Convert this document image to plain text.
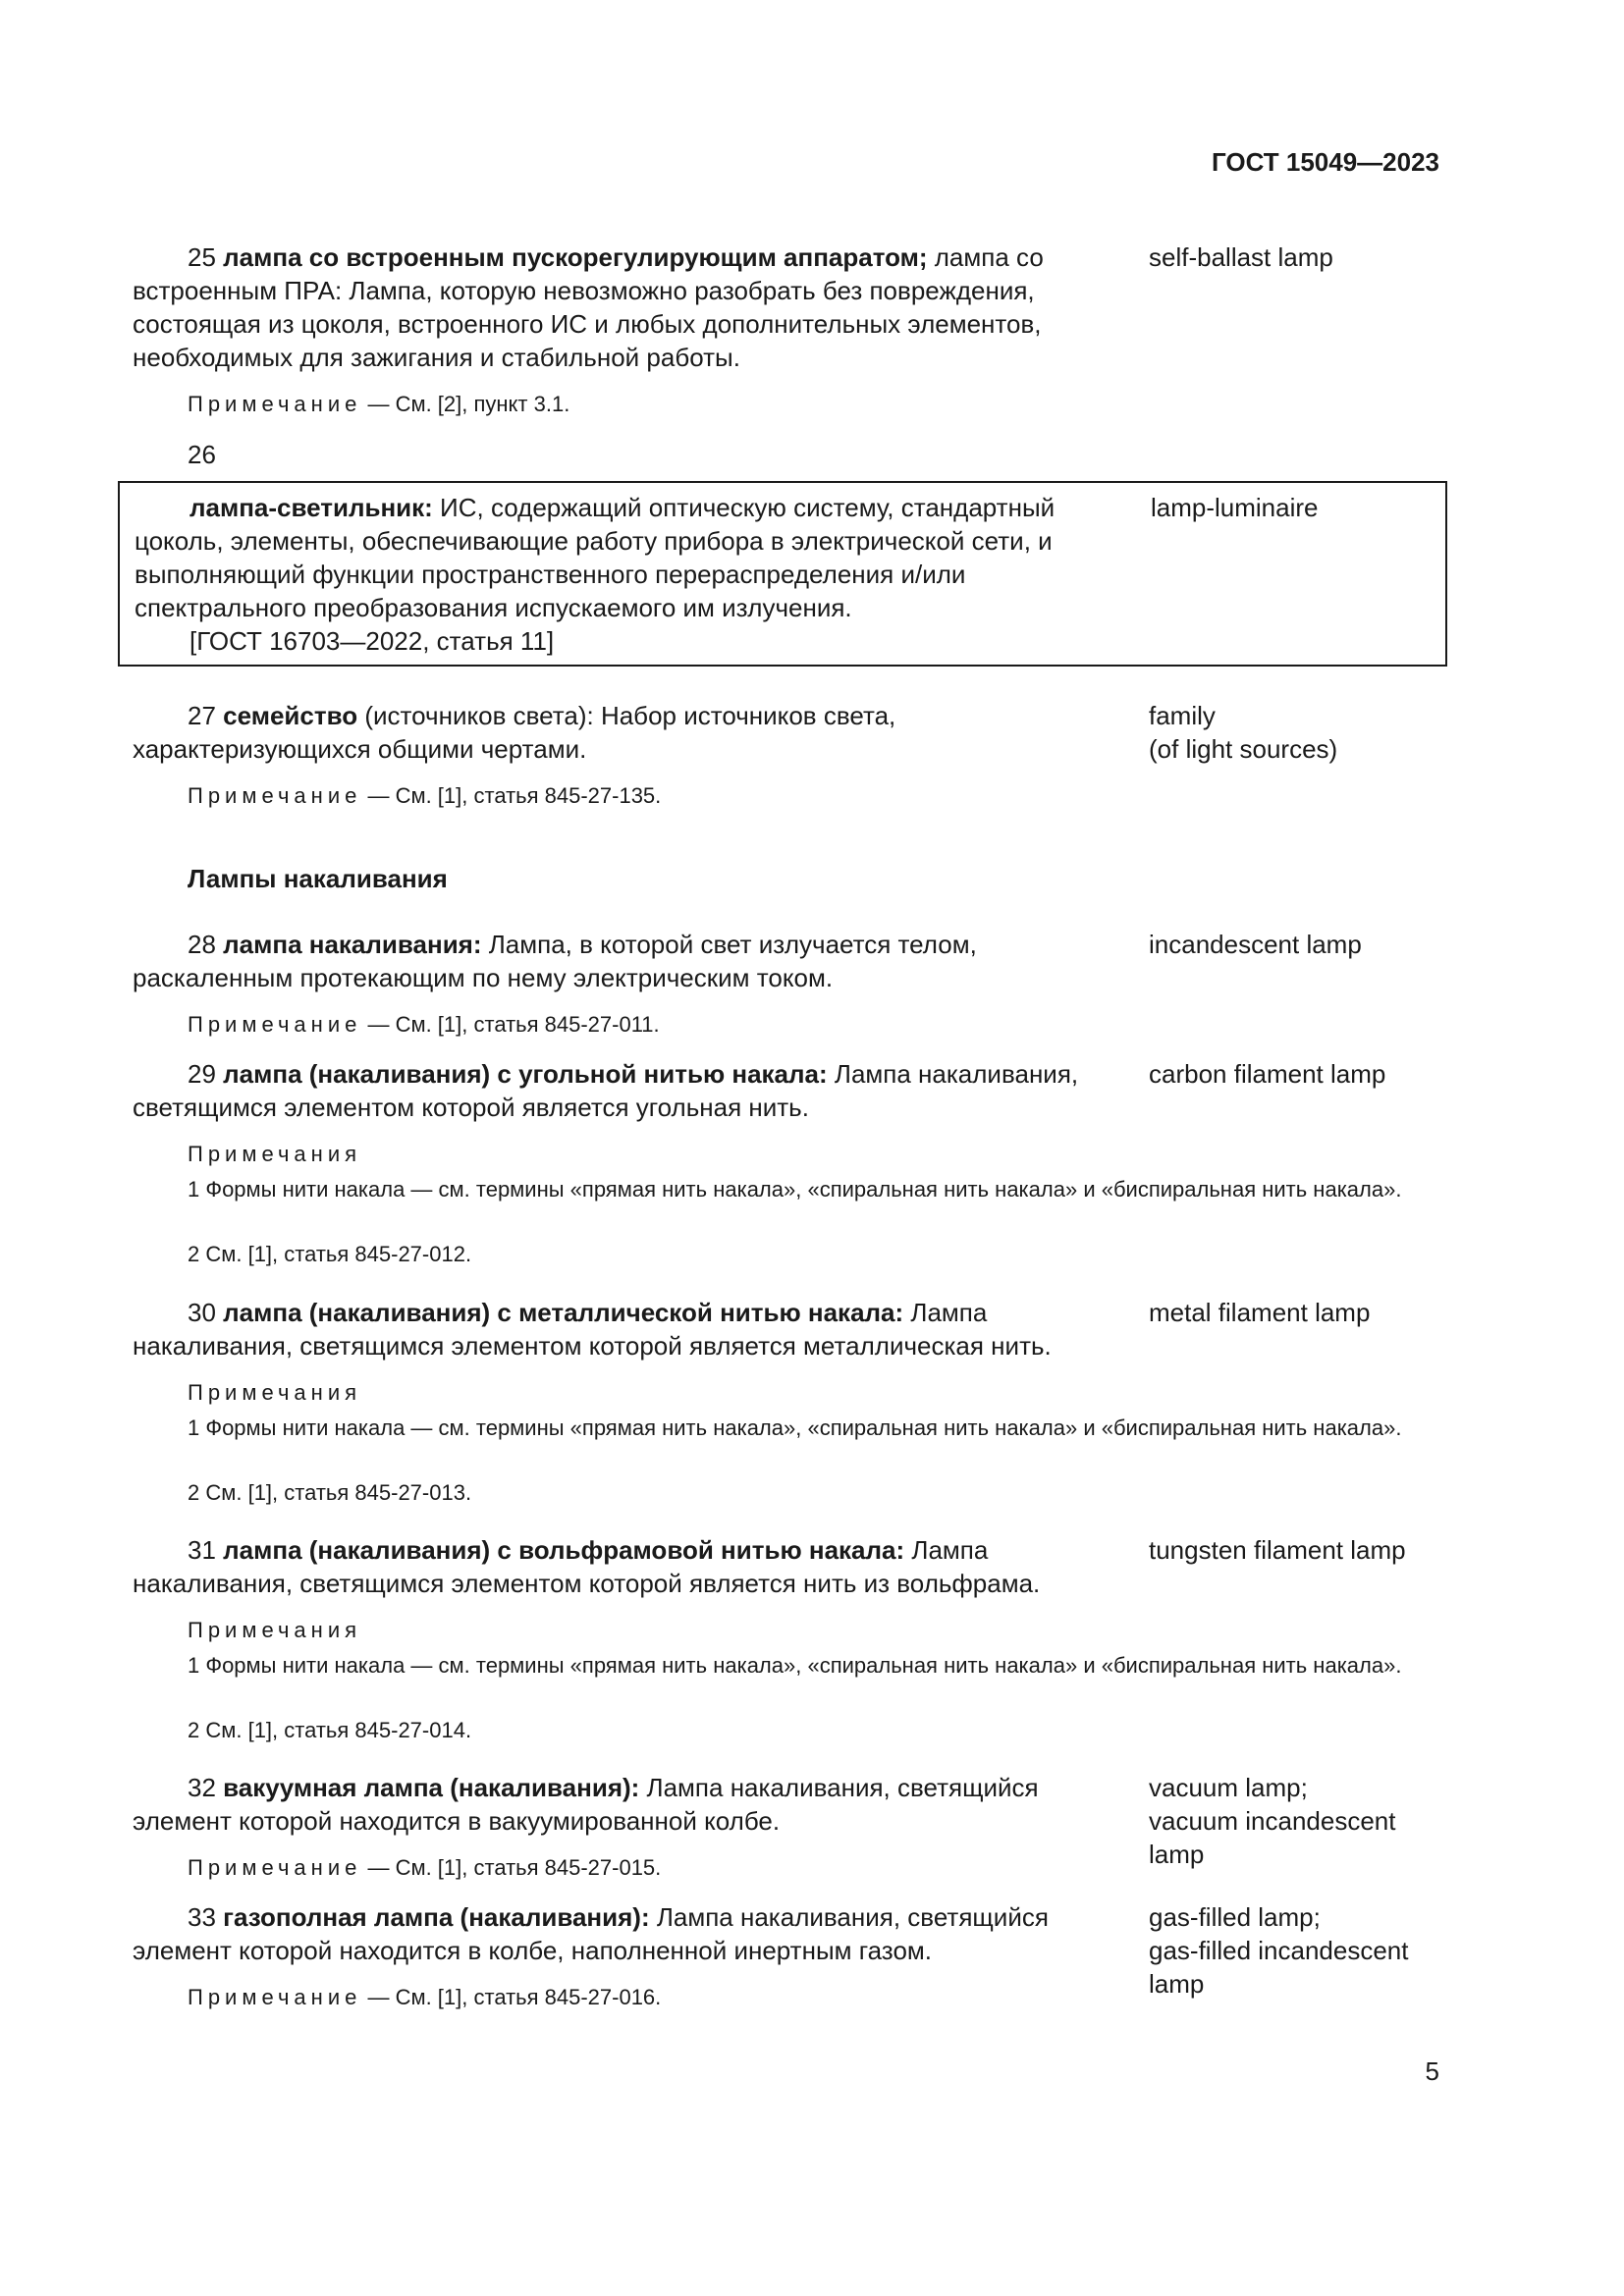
ГОСТ 15049—2023
25 лампа со встроенным пускорегулирующим аппаратом; лампа со встроенным ПРА: Лампа, которую невозможно разобрать без повреждения, состоящая из цоколя, встроенного ИС и любых дополнительных элементов, необходимых для зажигания и стабильной работы.
self-ballast lamp
Примечание — См. [2], пункт 3.1.
26
лампа-светильник: ИС, содержащий оптическую систему, стандартный цоколь, элементы, обеспечивающие работу прибора в электрической сети, и выполняющий функции пространственного перераспределения и/или спектрального преобразования испускаемого им излучения.
lamp-luminaire
[ГОСТ 16703—2022, статья 11]
27 семейство (источников света): Набор источников света, характеризующихся общими чертами.
family
(of light sources)
Примечание — См. [1], статья 845-27-135.
Лампы накаливания
28 лампа накаливания: Лампа, в которой свет излучается телом, раскаленным протекающим по нему электрическим током.
incandescent lamp
Примечание — См. [1], статья 845-27-011.
29 лампа (накаливания) с угольной нитью накала: Лампа накаливания, светящимся элементом которой является угольная нить.
carbon filament lamp
Примечания
1 Формы нити накала — см. термины «прямая нить накала», «спиральная нить накала» и «биспиральная нить накала».
2 См. [1], статья 845-27-012.
30 лампа (накаливания) с металлической нитью накала: Лампа накаливания, светящимся элементом которой является металлическая нить.
metal filament lamp
Примечания
1 Формы нити накала — см. термины «прямая нить накала», «спиральная нить накала» и «биспиральная нить накала».
2 См. [1], статья 845-27-013.
31 лампа (накаливания) с вольфрамовой нитью накала: Лампа накаливания, светящимся элементом которой является нить из вольфрама.
tungsten filament lamp
Примечания
1 Формы нити накала — см. термины «прямая нить накала», «спиральная нить накала» и «биспиральная нить накала».
2 См. [1], статья 845-27-014.
32 вакуумная лампа (накаливания): Лампа накаливания, светящийся элемент которой находится в вакуумированной колбе.
vacuum lamp;
vacuum incandescent lamp
Примечание — См. [1], статья 845-27-015.
33 газополная лампа (накаливания): Лампа накаливания, светящийся элемент которой находится в колбе, наполненной инертным газом.
gas-filled lamp;
gas-filled incandescent lamp
Примечание — См. [1], статья 845-27-016.
5
